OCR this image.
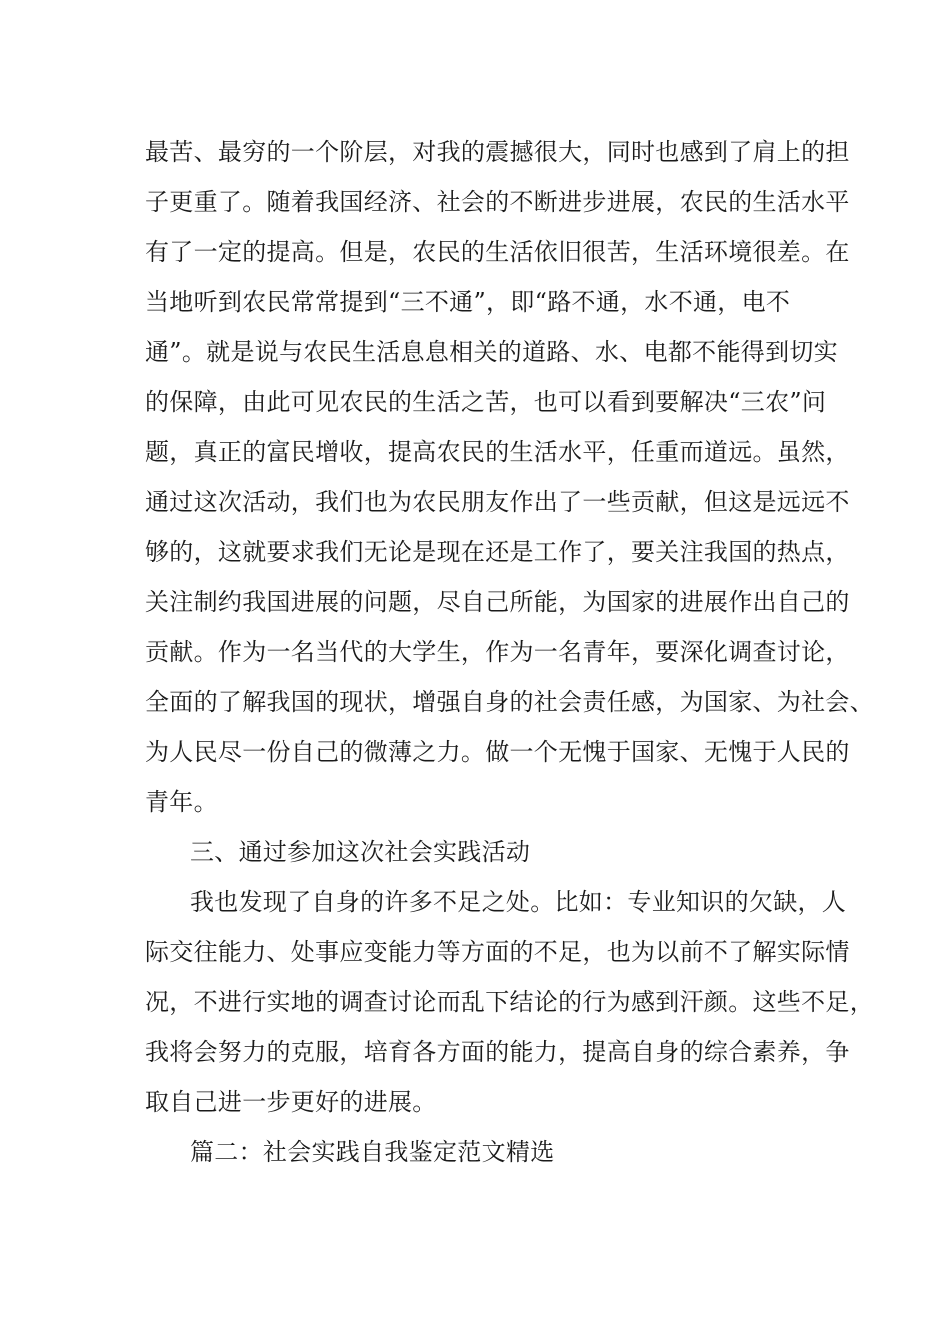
最苦、最穷的一个阶层，对我的震撼很大，同时也感到了肩上的担
子更重了。随着我国经济、社会的不断进步进展，农民的生活水平
有了一定的提高。但是，农民的生活依旧很苦，生活环境很差。在
当地听到农民常常提到“三不通”，即“路不通，水不通，电不
通”。就是说与农民生活息息相关的道路、水、电都不能得到切实
的保障，由此可见农民的生活之苦，也可以看到要解决“三农”问
题，真正的富民增收，提高农民的生活水平，任重而道远。虽然，
通过这次活动，我们也为农民朋友作出了一些贡献，但这是远远不
够的，这就要求我们无论是现在还是工作了，要关注我国的热点，
关注制约我国进展的问题，尽自己所能，为国家的进展作出自己的
贡献。作为一名当代的大学生，作为一名青年，要深化调查讨论，
全面的了解我国的现状，增强自身的社会责任感，为国家、为社会、
为人民尽一份自己的微薄之力。做一个无愧于国家、无愧于人民的
青年。
三、通过参加这次社会实践活动
我也发现了自身的许多不足之处。比如：专业知识的欠缺，人
际交往能力、处事应变能力等方面的不足，也为以前不了解实际情
况，不进行实地的调查讨论而乱下结论的行为感到汗颜。这些不足，
我将会努力的克服，培育各方面的能力，提高自身的综合素养，争
取自己进一步更好的进展。
篇二：社会实践自我鉴定范文精选
